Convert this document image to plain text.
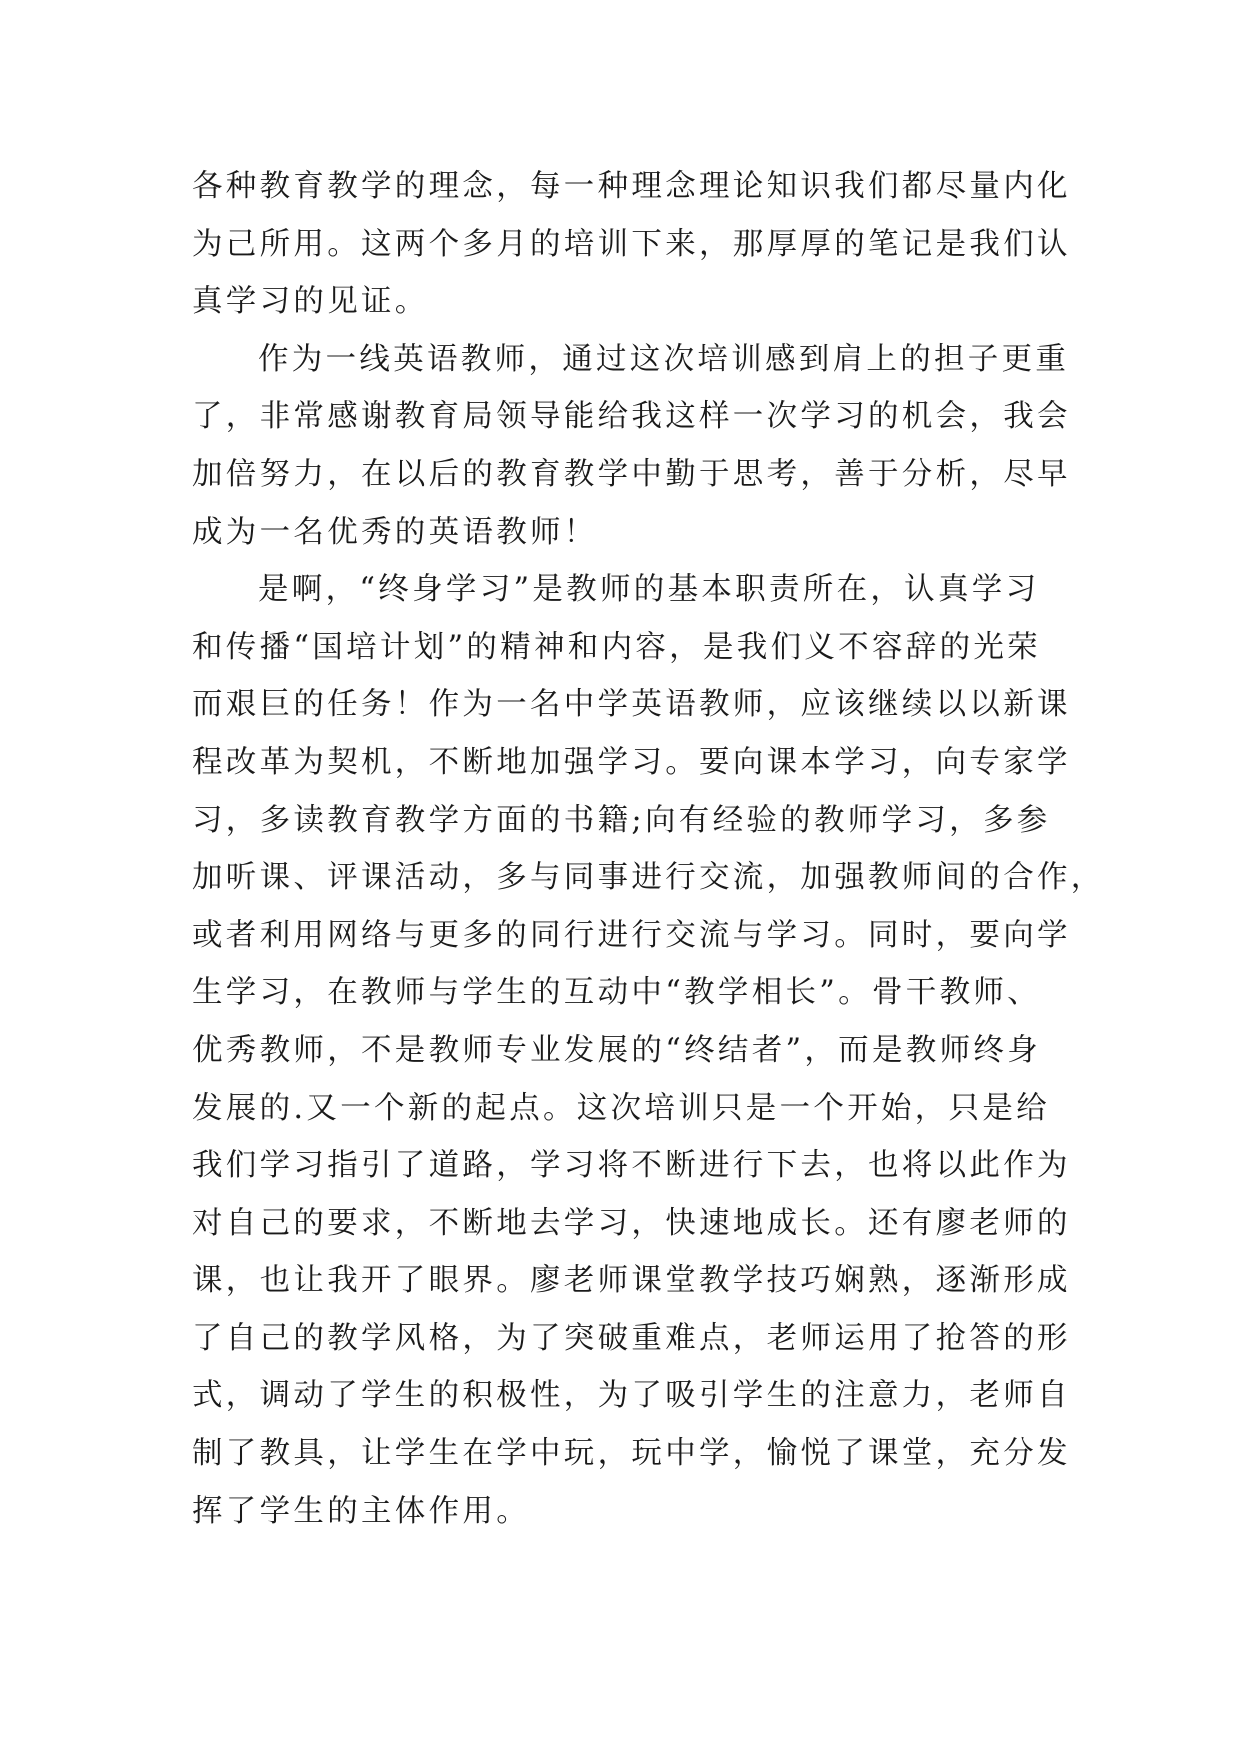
各种教育教学的理念，每一种理念理论知识我们都尽量内化
为己所用。这两个多月的培训下来，那厚厚的笔记是我们认
真学习的见证。
作为一线英语教师，通过这次培训感到肩上的担子更重
了，非常感谢教育局领导能给我这样一次学习的机会，我会
加倍努力，在以后的教育教学中勤于思考，善于分析，尽早
成为一名优秀的英语教师！
是啊，“终身学习”是教师的基本职责所在，认真学习
和传播“国培计划”的精神和内容，是我们义不容辞的光荣
而艰巨的任务！作为一名中学英语教师，应该继续以以新课
程改革为契机，不断地加强学习。要向课本学习，向专家学
习，多读教育教学方面的书籍;向有经验的教师学习，多参
加听课、评课活动，多与同事进行交流，加强教师间的合作，
或者利用网络与更多的同行进行交流与学习。同时，要向学
生学习，在教师与学生的互动中“教学相长”。骨干教师、
优秀教师，不是教师专业发展的“终结者”，而是教师终身
发展的.又一个新的起点。这次培训只是一个开始，只是给
我们学习指引了道路，学习将不断进行下去，也将以此作为
对自己的要求，不断地去学习，快速地成长。还有廖老师的
课，也让我开了眼界。廖老师课堂教学技巧娴熟，逐渐形成
了自己的教学风格，为了突破重难点，老师运用了抢答的形
式，调动了学生的积极性，为了吸引学生的注意力，老师自
制了教具，让学生在学中玩，玩中学，愉悦了课堂，充分发
挥了学生的主体作用。
